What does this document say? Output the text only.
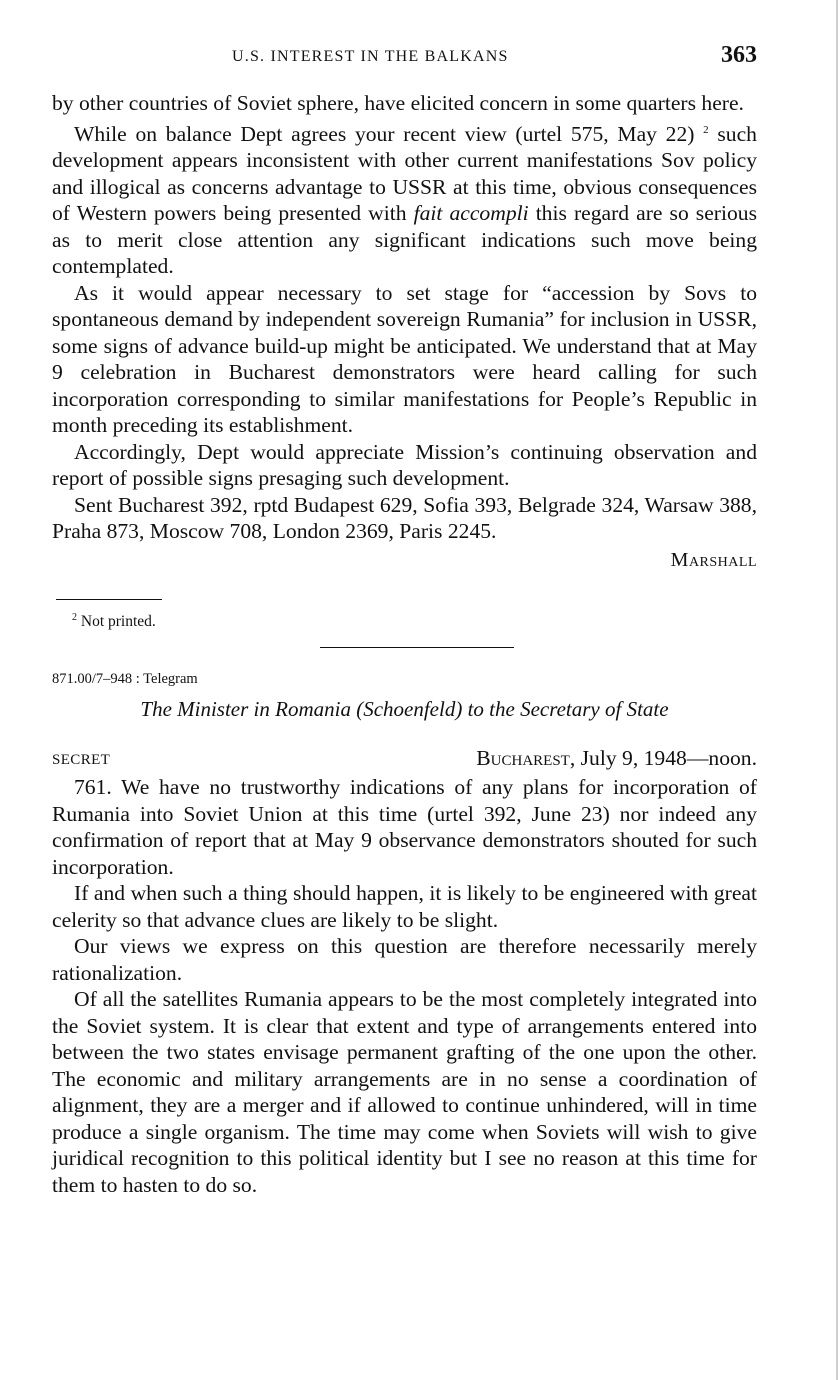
U.S. INTEREST IN THE BALKANS	363

by other countries of Soviet sphere, have elicited concern in some quarters here.

While on balance Dept agrees your recent view (urtel 575, May 22) $^2$ such development appears inconsistent with other current manifestations Sov policy and illogical as concerns advantage to USSR at this time, obvious consequences of Western powers being presented with fait accompli this regard are so serious as to merit close attention any significant indications such move being contemplated.

As it would appear necessary to set stage for “accession by Sovs to spontaneous demand by independent sovereign Rumania” for inclusion in USSR, some signs of advance build-up might be anticipated. We understand that at May 9 celebration in Bucharest demonstrators were heard calling for such incorporation corresponding to similar manifestations for People’s Republic in month preceding its establishment.

Accordingly, Dept would appreciate Mission’s continuing observation and report of possible signs presaging such development.

Sent Bucharest 392, rptd Budapest 629, Sofia 393, Belgrade 324, Warsaw 388, Praha 873, Moscow 708, London 2369, Paris 2245.

Marshall

$^2$ Not printed.
871.00/7–948 : Telegram
The Minister in Romania (Schoenfeld) to the Secretary of State
SECRET	Bucharest, July 9, 1948—noon.

761. We have no trustworthy indications of any plans for incorporation of Rumania into Soviet Union at this time (urtel 392, June 23) nor indeed any confirmation of report that at May 9 observance demonstrators shouted for such incorporation.

If and when such a thing should happen, it is likely to be engineered with great celerity so that advance clues are likely to be slight.

Our views we express on this question are therefore necessarily merely rationalization.

Of all the satellites Rumania appears to be the most completely integrated into the Soviet system. It is clear that extent and type of arrangements entered into between the two states envisage permanent grafting of the one upon the other. The economic and military arrangements are in no sense a coordination of alignment, they are a merger and if allowed to continue unhindered, will in time produce a single organism. The time may come when Soviets will wish to give juridical recognition to this political identity but I see no reason at this time for them to hasten to do so.
